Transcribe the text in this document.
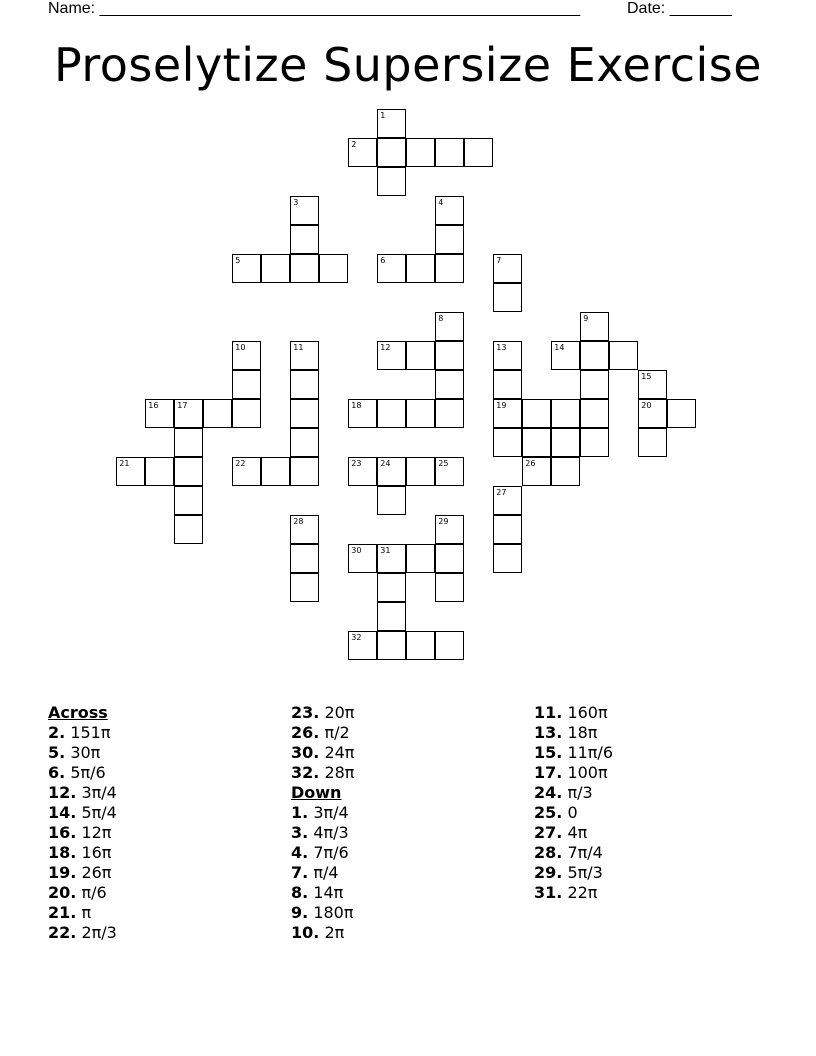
Name: ______________________________________________________	Date: _______
Proselytize Supersize Exercise
1
2
3	4
5	6	7
8	9
10	11	12	13	14
15
16 17	18	19	20
21	22	23 24	25	26
27
28	29
30 31
32
Across
2. 151π
5. 30π
6. 5π/6
12. 3π/4
14. 5π/4
16. 12π
18. 16π
19. 26π
20. π/6
21. π
22. 2π/3
23. 20π
26. π/2
30. 24π
32. 28π
Down
1. 3π/4
3. 4π/3
4. 7π/6
7. π/4
8. 14π
9. 180π
10. 2π
11. 160π
13. 18π
15. 11π/6
17. 100π
24. π/3
25. 0
27. 4π
28. 7π/4
29. 5π/3
31. 22π
